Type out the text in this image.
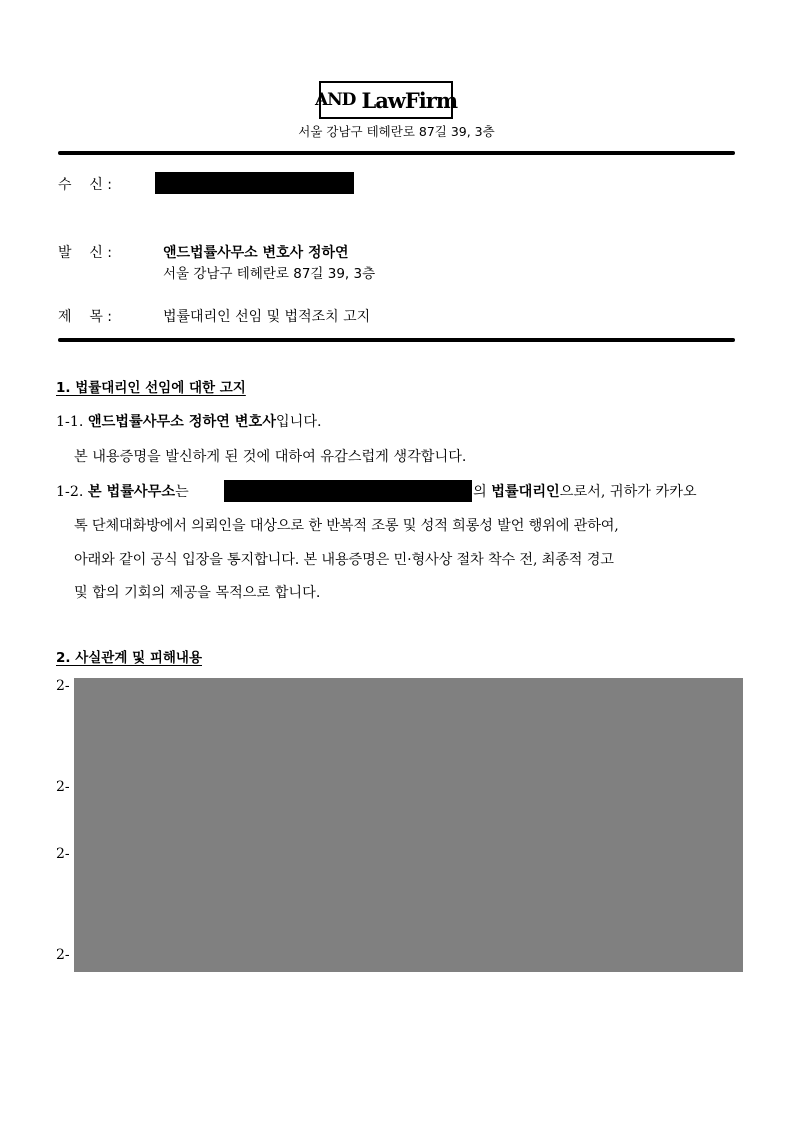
AND LawFirm
서울 강남구 테헤란로 87길 39, 3층
수    신 :
발    신 :	앤드법률사무소 변호사 정하연
서울 강남구 테헤란로 87길 39, 3층
제    목 :	법률대리인 선임 및 법적조치 고지
1. 법률대리인 선임에 대한 고지
1-1. 앤드법률사무소 정하연 변호사입니다.
본 내용증명을 발신하게 된 것에 대하여 유감스럽게 생각합니다.
1-2. 본 법률사무소는	의 법률대리인으로서, 귀하가 카카오
톡 단체대화방에서 의뢰인을 대상으로 한 반복적 조롱 및 성적 희롱성 발언 행위에 관하여,
아래와 같이 공식 입장을 통지합니다. 본 내용증명은 민·형사상 절차 착수 전, 최종적 경고
및 합의 기회의 제공을 목적으로 합니다.
2. 사실관계 및 피해내용
2-
2-
2-
2-
